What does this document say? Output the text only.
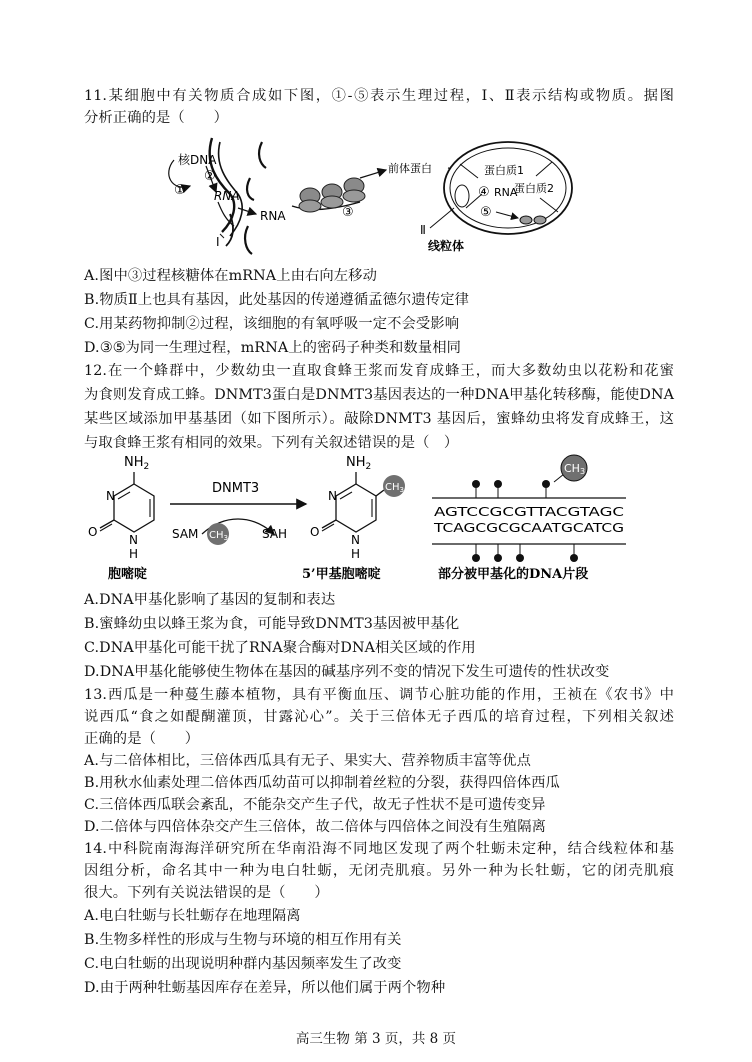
11.某细胞中有关物质合成如下图，①-⑤表示生理过程，Ⅰ、Ⅱ表示结构或物质。据图
分析正确的是（　　）
核DNA
①
②
RNA
Ⅰ
RNA	③
前体蛋白	蛋白质1
蛋白质2
④ RNA
⑤
Ⅱ
线粒体
A.图中③过程核糖体在mRNA上由右向左移动
B.物质Ⅱ上也具有基因，此处基因的传递遵循孟德尔遗传定律
C.用某药物抑制②过程，该细胞的有氧呼吸一定不会受影响
D.③⑤为同一生理过程，mRNA上的密码子种类和数量相同
12.在一个蜂群中，少数幼虫一直取食蜂王浆而发育成蜂王，而大多数幼虫以花粉和花蜜
为食则发育成工蜂。DNMT3蛋白是DNMT3基因表达的一种DNA甲基化转移酶，能使DNA
某些区域添加甲基基团（如下图所示）。敲除DNMT3 基因后，蜜蜂幼虫将发育成蜂王，这
与取食蜂王浆有相同的效果。下列有关叙述错误的是（　）
$NH_2$
N
N
H
O
DNMT3
SAM $CH_3$	SAH
$NH_2$
$CH_3$
N
N
H
O
AGTCCGCGTTACGTAGC
TCAGCGCGCAATGCATCG
CH3
胞嘧啶	5’甲基胞嘧啶	部分被甲基化的DNA片段
A.DNA甲基化影响了基因的复制和表达
B.蜜蜂幼虫以蜂王浆为食，可能导致DNMT3基因被甲基化
C.DNA甲基化可能干扰了RNA聚合酶对DNA相关区域的作用
D.DNA甲基化能够使生物体在基因的碱基序列不变的情况下发生可遗传的性状改变
13.西瓜是一种蔓生藤本植物，具有平衡血压、调节心脏功能的作用，王祯在《农书》中
说西瓜“食之如醍醐灌顶，甘露沁心”。关于三倍体无子西瓜的培育过程，下列相关叙述
正确的是（　　）
A.与二倍体相比，三倍体西瓜具有无子、果实大、营养物质丰富等优点
B.用秋水仙素处理二倍体西瓜幼苗可以抑制着丝粒的分裂，获得四倍体西瓜
C.三倍体西瓜联会紊乱，不能杂交产生子代，故无子性状不是可遗传变异
D.二倍体与四倍体杂交产生三倍体，故二倍体与四倍体之间没有生殖隔离
14.中科院南海海洋研究所在华南沿海不同地区发现了两个牡蛎未定种，结合线粒体和基
因组分析，命名其中一种为电白牡蛎，无闭壳肌痕。另外一种为长牡蛎，它的闭壳肌痕
很大。下列有关说法错误的是（　　）
A.电白牡蛎与长牡蛎存在地理隔离
B.生物多样性的形成与生物与环境的相互作用有关
C.电白牡蛎的出现说明种群内基因频率发生了改变
D.由于两种牡蛎基因库存在差异，所以他们属于两个物种
高三生物 第 3 页，共 8 页
